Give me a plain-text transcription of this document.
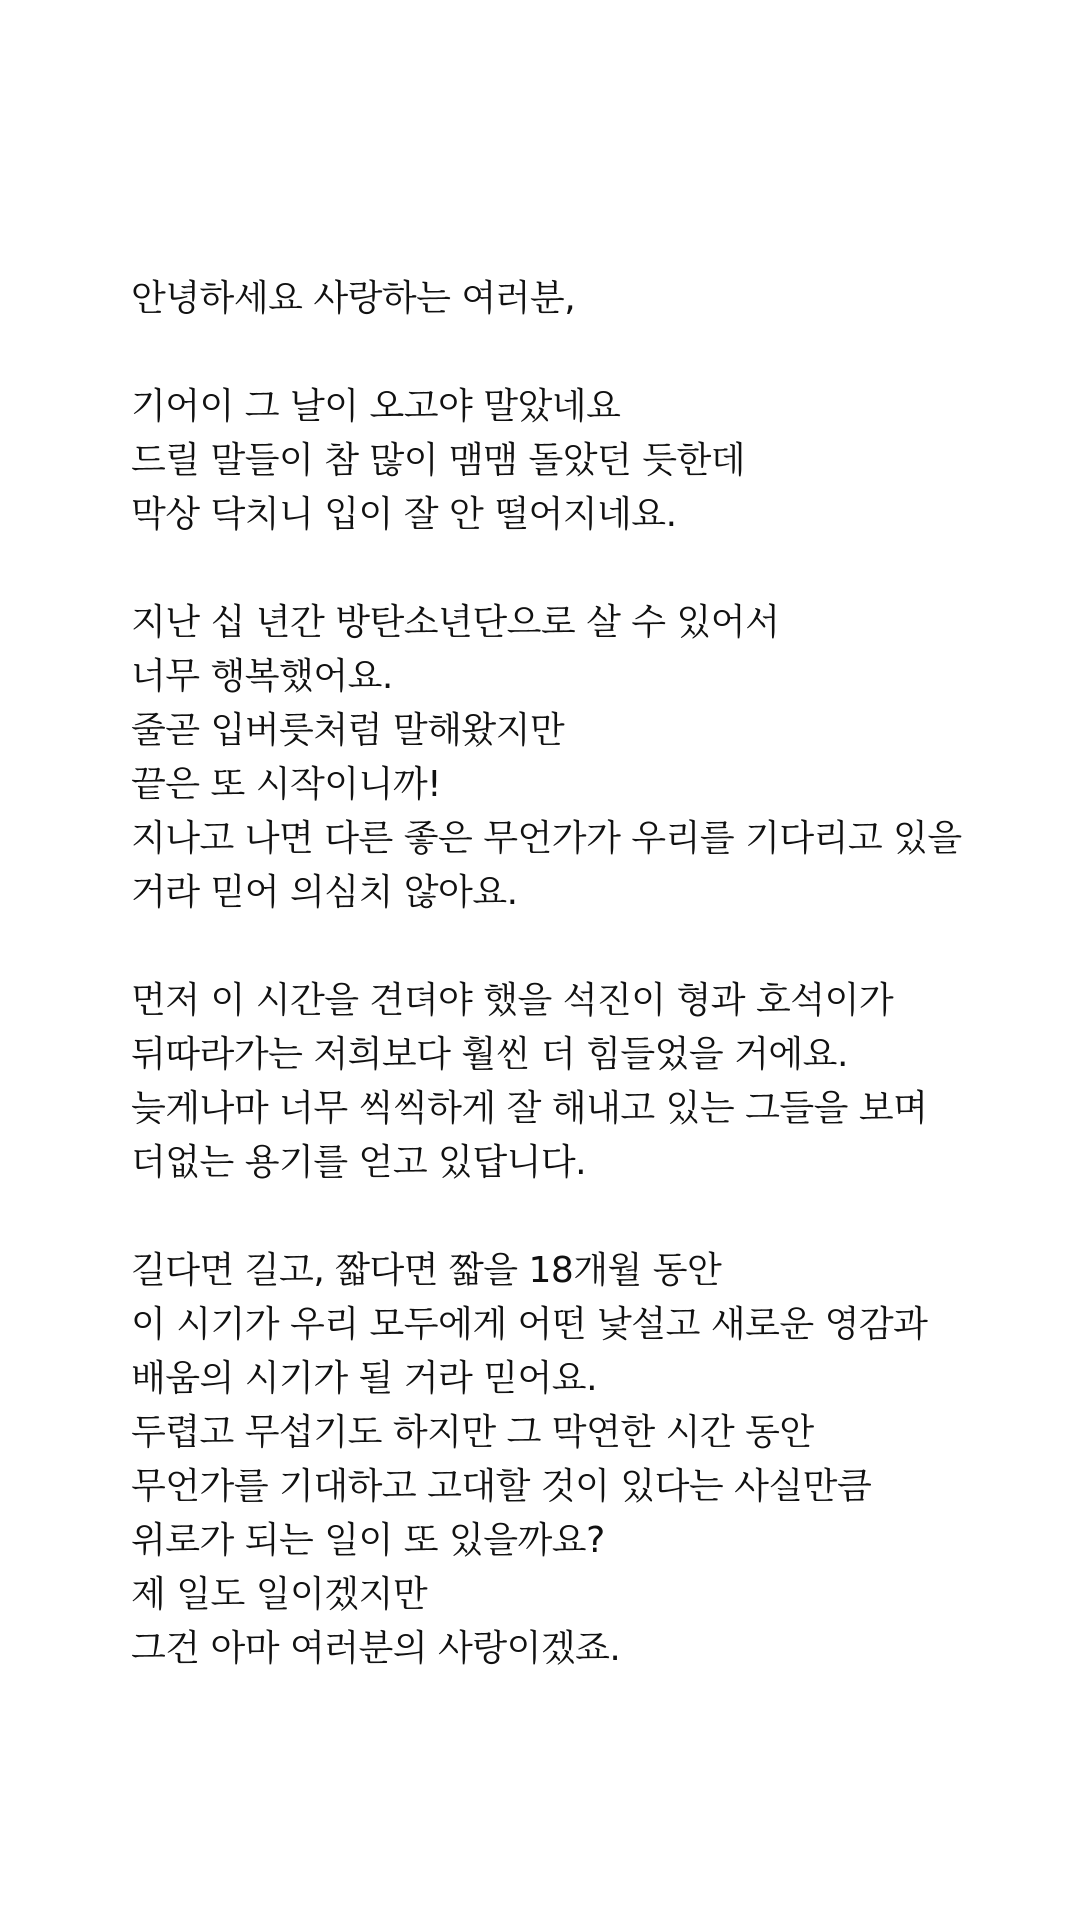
안녕하세요 사랑하는 여러분,
기어이 그 날이 오고야 말았네요
드릴 말들이 참 많이 맴맴 돌았던 듯한데
막상 닥치니 입이 잘 안 떨어지네요.
지난 십 년간 방탄소년단으로 살 수 있어서
너무 행복했어요.
줄곧 입버릇처럼 말해왔지만
끝은 또 시작이니까!
지나고 나면 다른 좋은 무언가가 우리를 기다리고 있을
거라 믿어 의심치 않아요.
먼저 이 시간을 견뎌야 했을 석진이 형과 호석이가
뒤따라가는 저희보다 훨씬 더 힘들었을 거에요.
늦게나마 너무 씩씩하게 잘 해내고 있는 그들을 보며
더없는 용기를 얻고 있답니다.
길다면 길고, 짧다면 짧을 18개월 동안
이 시기가 우리 모두에게 어떤 낯설고 새로운 영감과
배움의 시기가 될 거라 믿어요.
두렵고 무섭기도 하지만 그 막연한 시간 동안
무언가를 기대하고 고대할 것이 있다는 사실만큼
위로가 되는 일이 또 있을까요?
제 일도 일이겠지만
그건 아마 여러분의 사랑이겠죠.
